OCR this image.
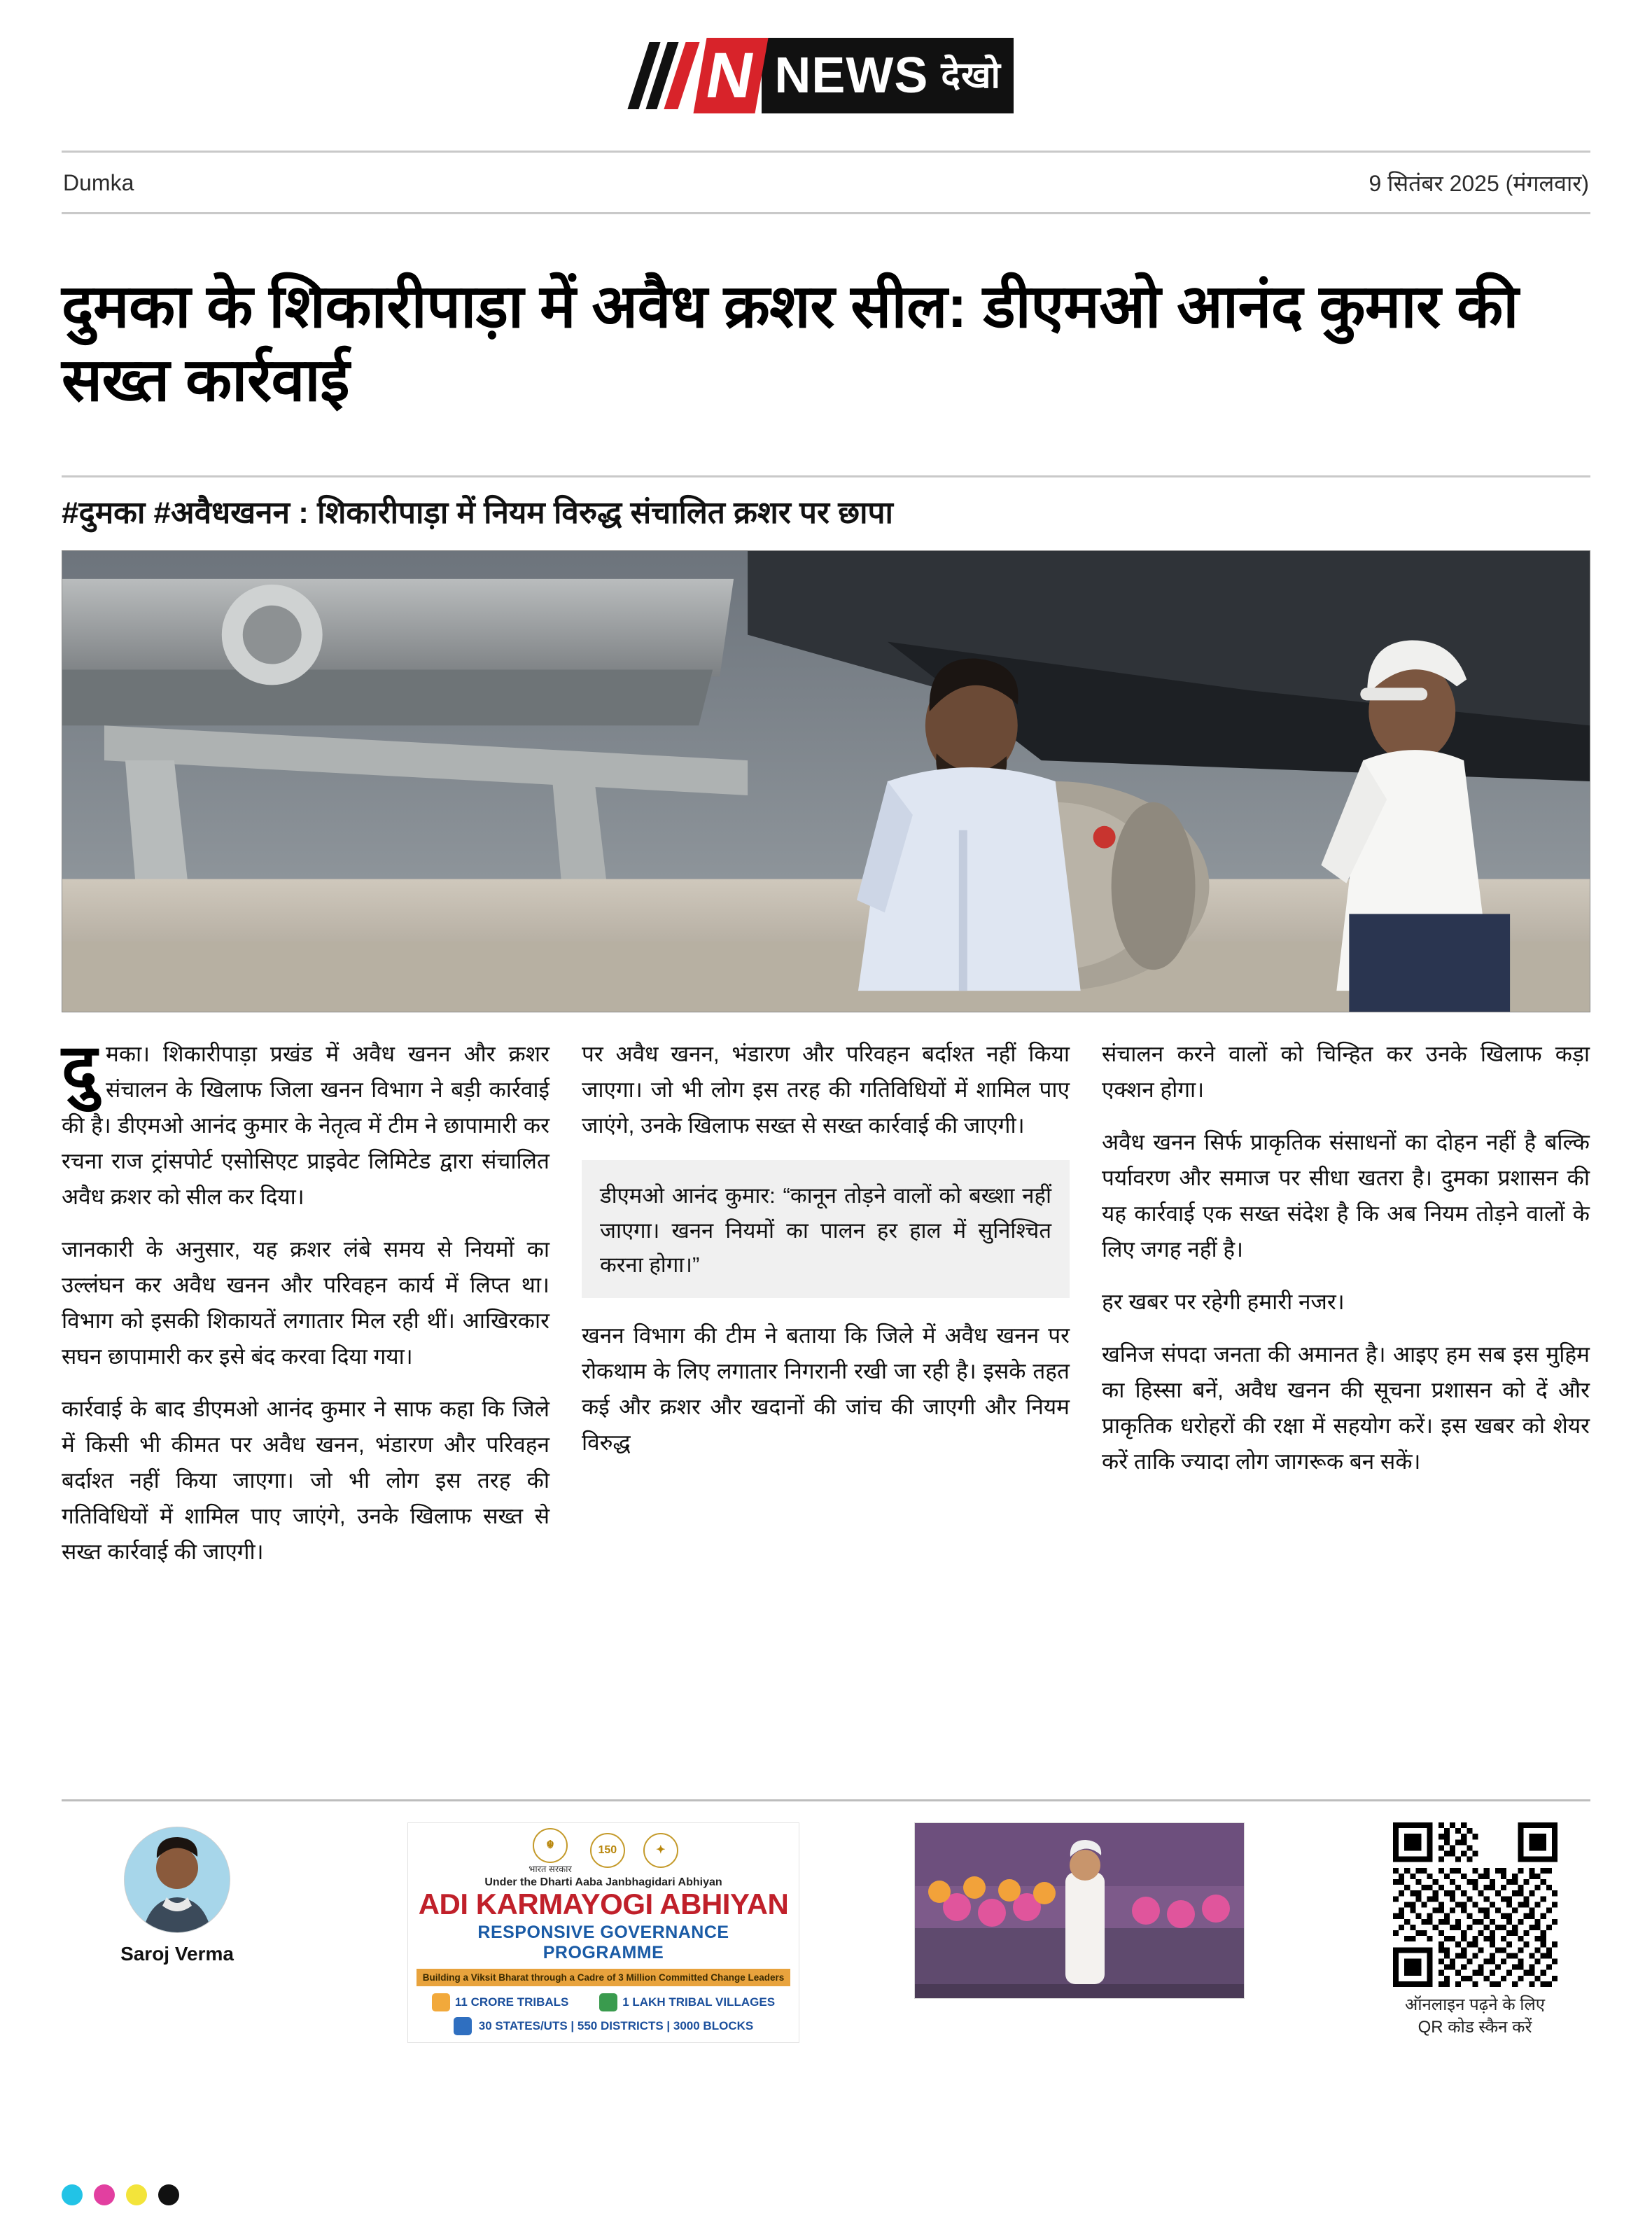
N NEWS देखो
Dumka	9 सितंबर 2025 (मंगलवार)
दुमका के शिकारीपाड़ा में अवैध क्रशर सील: डीएमओ आनंद कुमार की सख्त कार्रवाई
#दुमका #अवैधखनन : शिकारीपाड़ा में नियम विरुद्ध संचालित क्रशर पर छापा

दुमका। शिकारीपाड़ा प्रखंड में अवैध खनन और क्रशर संचालन के खिलाफ जिला खनन विभाग ने बड़ी कार्रवाई की है। डीएमओ आनंद कुमार के नेतृत्व में टीम ने छापामारी कर रचना राज ट्रांसपोर्ट एसोसिएट प्राइवेट लिमिटेड द्वारा संचालित अवैध क्रशर को सील कर दिया।

जानकारी के अनुसार, यह क्रशर लंबे समय से नियमों का उल्लंघन कर अवैध खनन और परिवहन कार्य में लिप्त था। विभाग को इसकी शिकायतें लगातार मिल रही थीं। आखिरकार सघन छापामारी कर इसे बंद करवा दिया गया।

कार्रवाई के बाद डीएमओ आनंद कुमार ने साफ कहा कि जिले में किसी भी कीमत पर अवैध खनन, भंडारण और परिवहन बर्दाश्त नहीं किया जाएगा। जो भी लोग इस तरह की गतिविधियों में शामिल पाए जाएंगे, उनके खिलाफ सख्त से सख्त कार्रवाई की जाएगी।

पर अवैध खनन, भंडारण और परिवहन बर्दाश्त नहीं किया जाएगा। जो भी लोग इस तरह की गतिविधियों में शामिल पाए जाएंगे, उनके खिलाफ सख्त से सख्त कार्रवाई की जाएगी।

डीएमओ आनंद कुमार: “कानून तोड़ने वालों को बख्शा नहीं जाएगा। खनन नियमों का पालन हर हाल में सुनिश्चित करना होगा।”

खनन विभाग की टीम ने बताया कि जिले में अवैध खनन पर रोकथाम के लिए लगातार निगरानी रखी जा रही है। इसके तहत कई और क्रशर और खदानों की जांच की जाएगी और नियम विरुद्ध

संचालन करने वालों को चिन्हित कर उनके खिलाफ कड़ा एक्शन होगा।

अवैध खनन सिर्फ प्राकृतिक संसाधनों का दोहन नहीं है बल्कि पर्यावरण और समाज पर सीधा खतरा है। दुमका प्रशासन की यह कार्रवाई एक सख्त संदेश है कि अब नियम तोड़ने वालों के लिए जगह नहीं है।

हर खबर पर रहेगी हमारी नजर।

खनिज संपदा जनता की अमानत है। आइए हम सब इस मुहिम का हिस्सा बनें, अवैध खनन की सूचना प्रशासन को दें और प्राकृतिक धरोहरों की रक्षा में सहयोग करें। इस खबर को शेयर करें ताकि ज्यादा लोग जागरूक बन सकें।

Saroj Verma
☬
भारत सरकार
150	✦
Under the Dharti Aaba Janbhagidari Abhiyan
ADI KARMAYOGI ABHIYAN
RESPONSIVE GOVERNANCE PROGRAMME
Building a Viksit Bharat through a Cadre of 3 Million Committed Change Leaders
11 CRORE TRIBALS	1 LAKH TRIBAL VILLAGES
30 STATES/UTS | 550 DISTRICTS | 3000 BLOCKS
ऑनलाइन पढ़ने के लिए
QR कोड स्कैन करें
